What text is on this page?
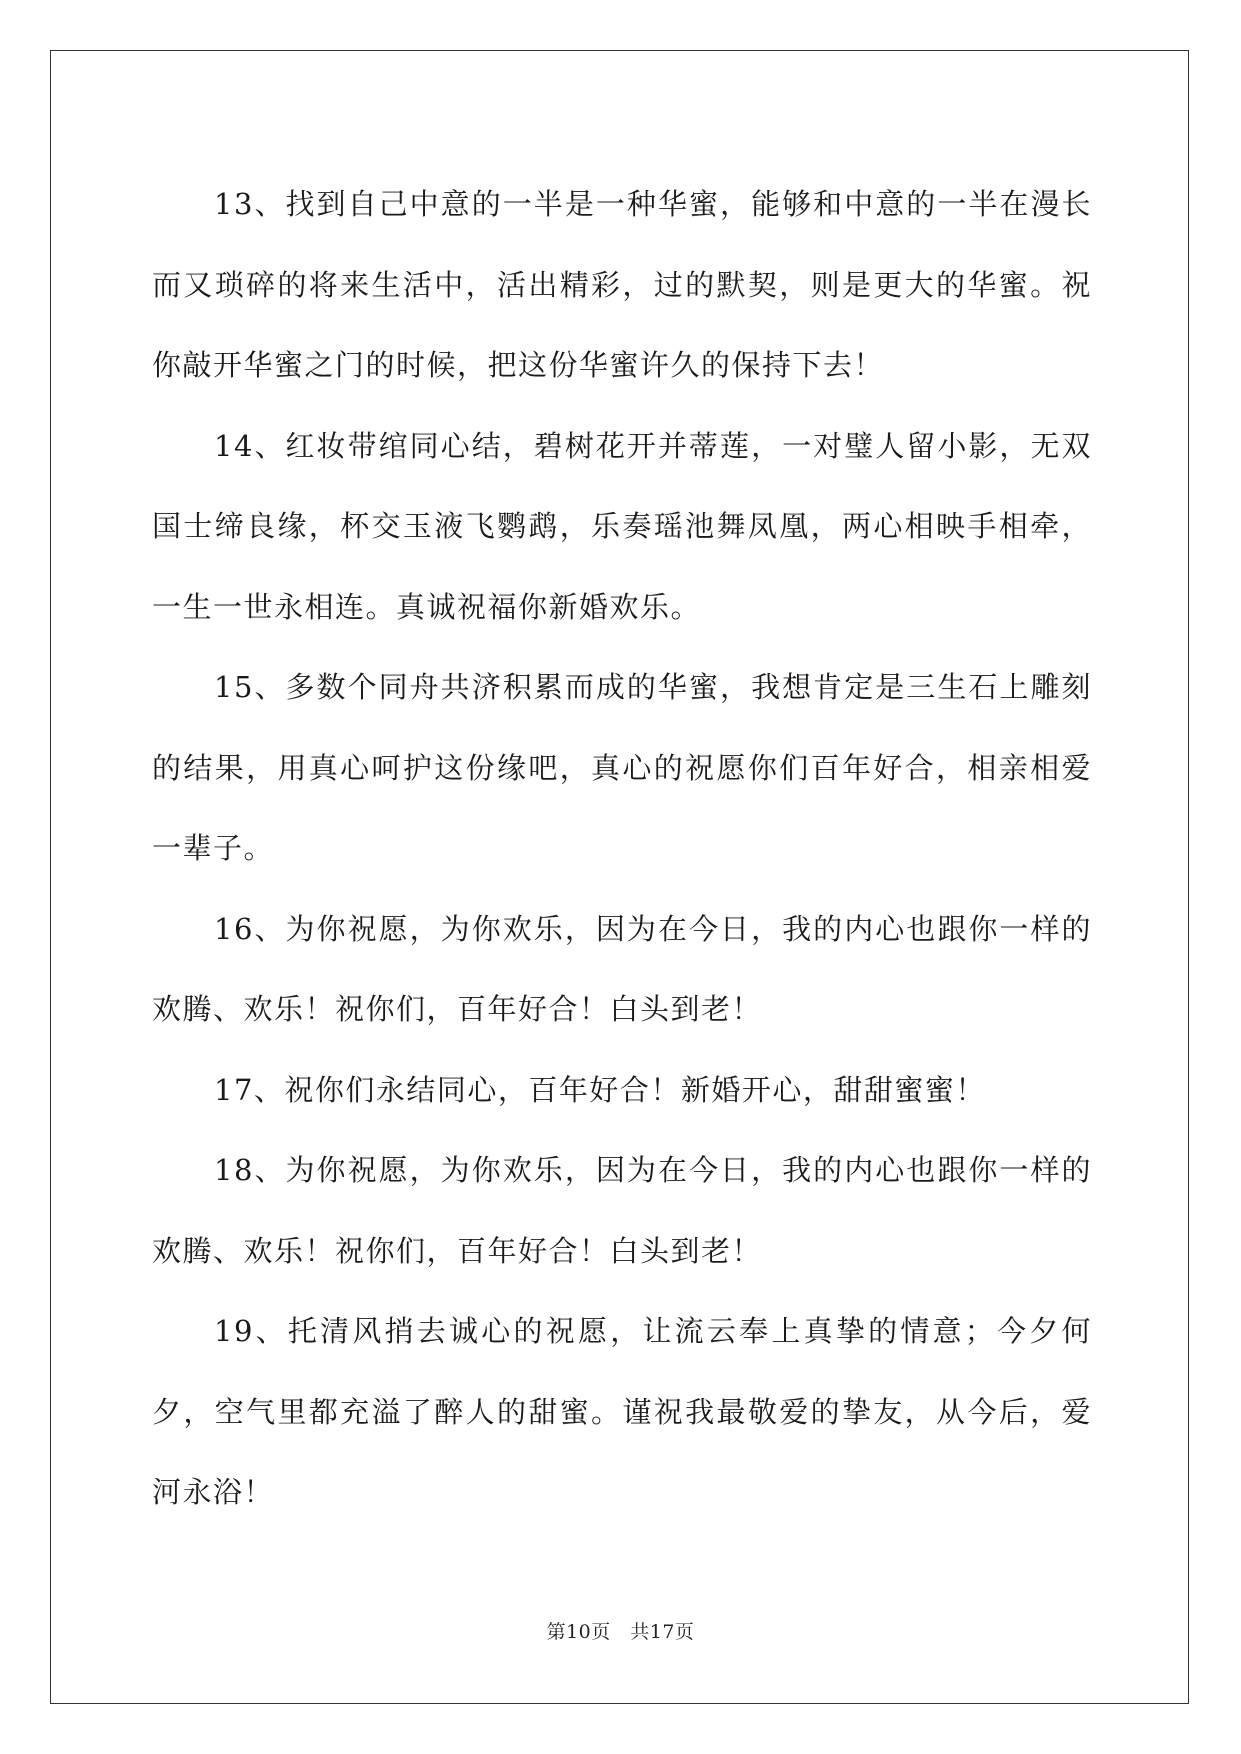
13、找到自己中意的一半是一种华蜜，能够和中意的一半在漫长而又琐碎的将来生活中，活出精彩，过的默契，则是更大的华蜜。祝你敲开华蜜之门的时候，把这份华蜜许久的保持下去！

14、红妆带绾同心结，碧树花开并蒂莲，一对璧人留小影，无双国士缔良缘，杯交玉液飞鹦鹉，乐奏瑶池舞凤凰，两心相映手相牵，一生一世永相连。真诚祝福你新婚欢乐。

15、多数个同舟共济积累而成的华蜜，我想肯定是三生石上雕刻的结果，用真心呵护这份缘吧，真心的祝愿你们百年好合，相亲相爱一辈子。

16、为你祝愿，为你欢乐，因为在今日，我的内心也跟你一样的欢腾、欢乐！祝你们，百年好合！白头到老！

17、祝你们永结同心，百年好合！新婚开心，甜甜蜜蜜！

18、为你祝愿，为你欢乐，因为在今日，我的内心也跟你一样的欢腾、欢乐！祝你们，百年好合！白头到老！

19、托清风捎去诚心的祝愿，让流云奉上真挚的情意；今夕何夕，空气里都充溢了醉人的甜蜜。谨祝我最敬爱的挚友，从今后，爱河永浴！

第10页　共17页
